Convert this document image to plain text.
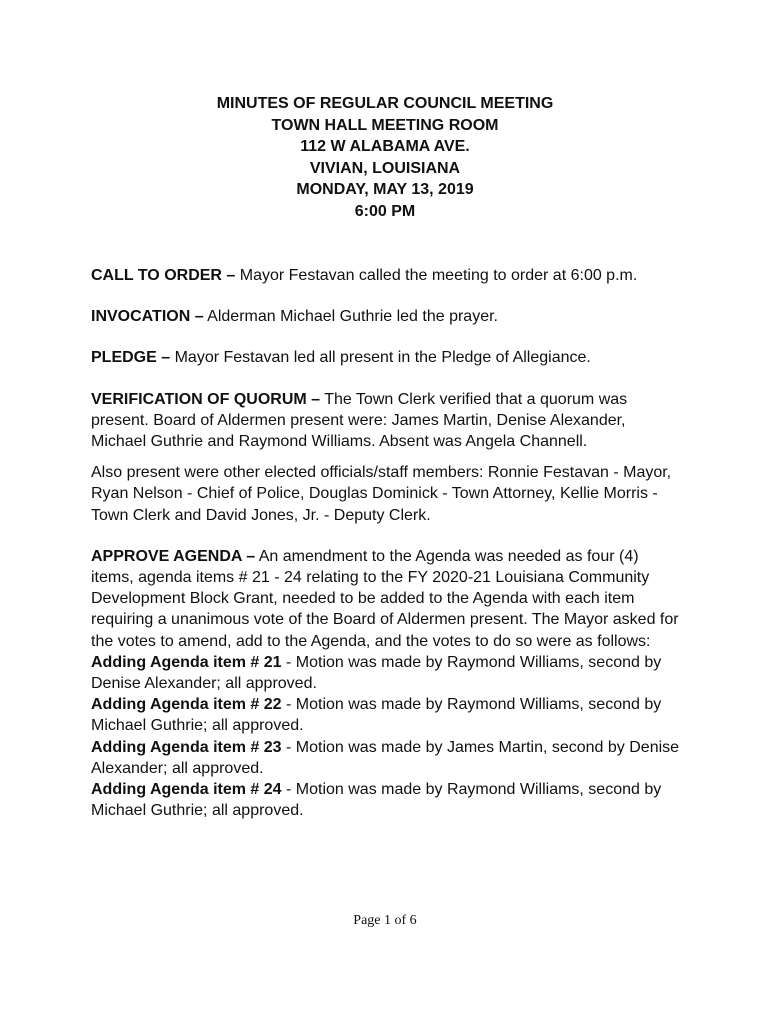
MINUTES OF REGULAR COUNCIL MEETING
TOWN HALL MEETING ROOM
112 W ALABAMA AVE.
VIVIAN, LOUISIANA
MONDAY, MAY 13, 2019
6:00 PM

CALL TO ORDER – Mayor Festavan called the meeting to order at 6:00 p.m.

INVOCATION – Alderman Michael Guthrie led the prayer.

PLEDGE – Mayor Festavan led all present in the Pledge of Allegiance.

VERIFICATION OF QUORUM – The Town Clerk verified that a quorum was present. Board of Aldermen present were: James Martin, Denise Alexander, Michael Guthrie and Raymond Williams. Absent was Angela Channell.

Also present were other elected officials/staff members: Ronnie Festavan - Mayor, Ryan Nelson - Chief of Police, Douglas Dominick - Town Attorney, Kellie Morris - Town Clerk and David Jones, Jr. - Deputy Clerk.

APPROVE AGENDA – An amendment to the Agenda was needed as four (4) items, agenda items # 21 - 24 relating to the FY 2020-21 Louisiana Community Development Block Grant, needed to be added to the Agenda with each item requiring a unanimous vote of the Board of Aldermen present. The Mayor asked for the votes to amend, add to the Agenda, and the votes to do so were as follows:

Adding Agenda item # 21 - Motion was made by Raymond Williams, second by Denise Alexander; all approved.
Adding Agenda item # 22 - Motion was made by Raymond Williams, second by Michael Guthrie; all approved.
Adding Agenda item # 23 - Motion was made by James Martin, second by Denise Alexander; all approved.
Adding Agenda item # 24 - Motion was made by Raymond Williams, second by Michael Guthrie; all approved.
Page 1 of 6
